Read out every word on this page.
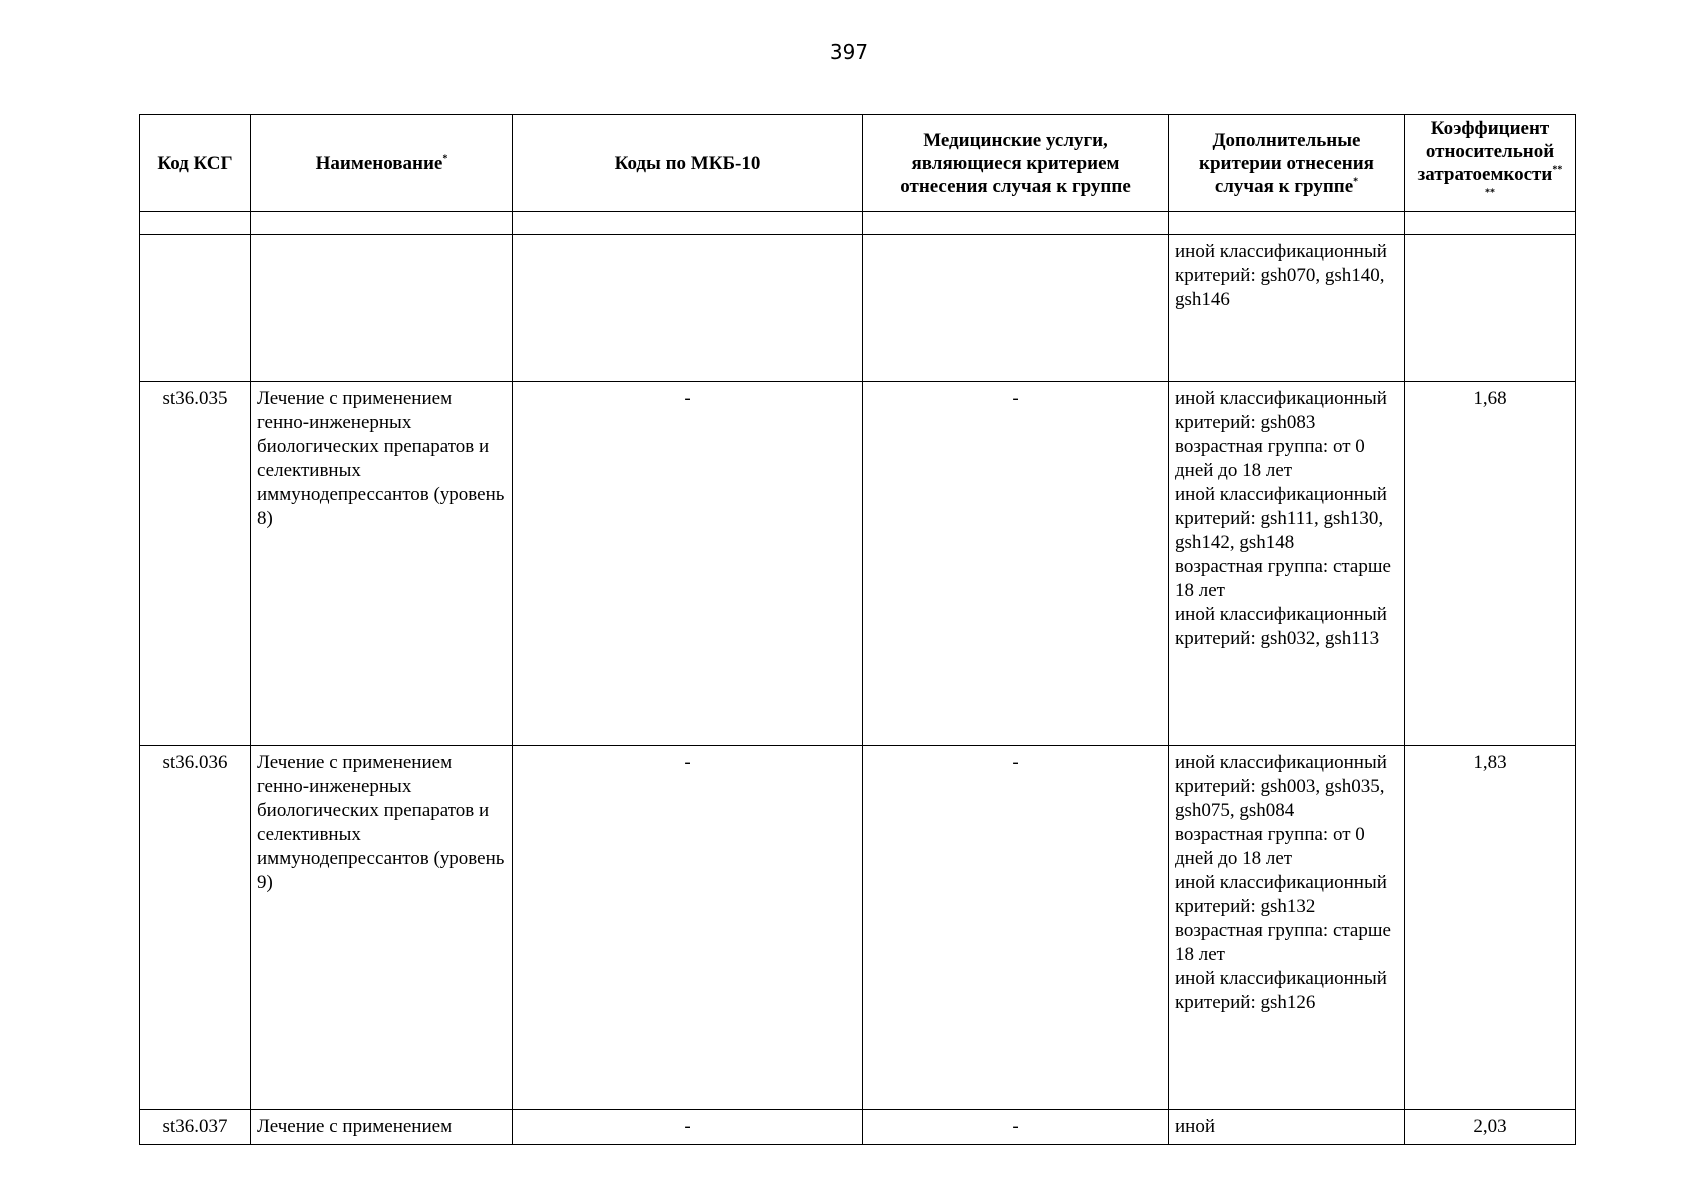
397
Код КСГ	Наименование*	Коды по МКБ-10	Медицинские услуги, являющиеся критерием отнесения случая к группе	Дополнительные критерии отнесения случая к группе*	Коэффициент относительной затратоемкости**
**

				иной классификационный критерий: gsh070, gsh140, gsh146	
st36.035	Лечение с применением генно-инженерных биологических препаратов и селективных иммунодепрессантов (уровень 8)	-	-	иной классификационный критерий: gsh083
возрастная группа: от 0 дней до 18 лет
иной классификационный критерий: gsh111, gsh130, gsh142, gsh148
возрастная группа: старше 18 лет
иной классификационный критерий: gsh032, gsh113	1,68
st36.036	Лечение с применением генно-инженерных биологических препаратов и селективных иммунодепрессантов (уровень 9)	-	-	иной классификационный критерий: gsh003, gsh035, gsh075, gsh084
возрастная группа: от 0 дней до 18 лет
иной классификационный критерий: gsh132
возрастная группа: старше 18 лет
иной классификационный критерий: gsh126	1,83
st36.037	Лечение с применением	-	-	иной	2,03
